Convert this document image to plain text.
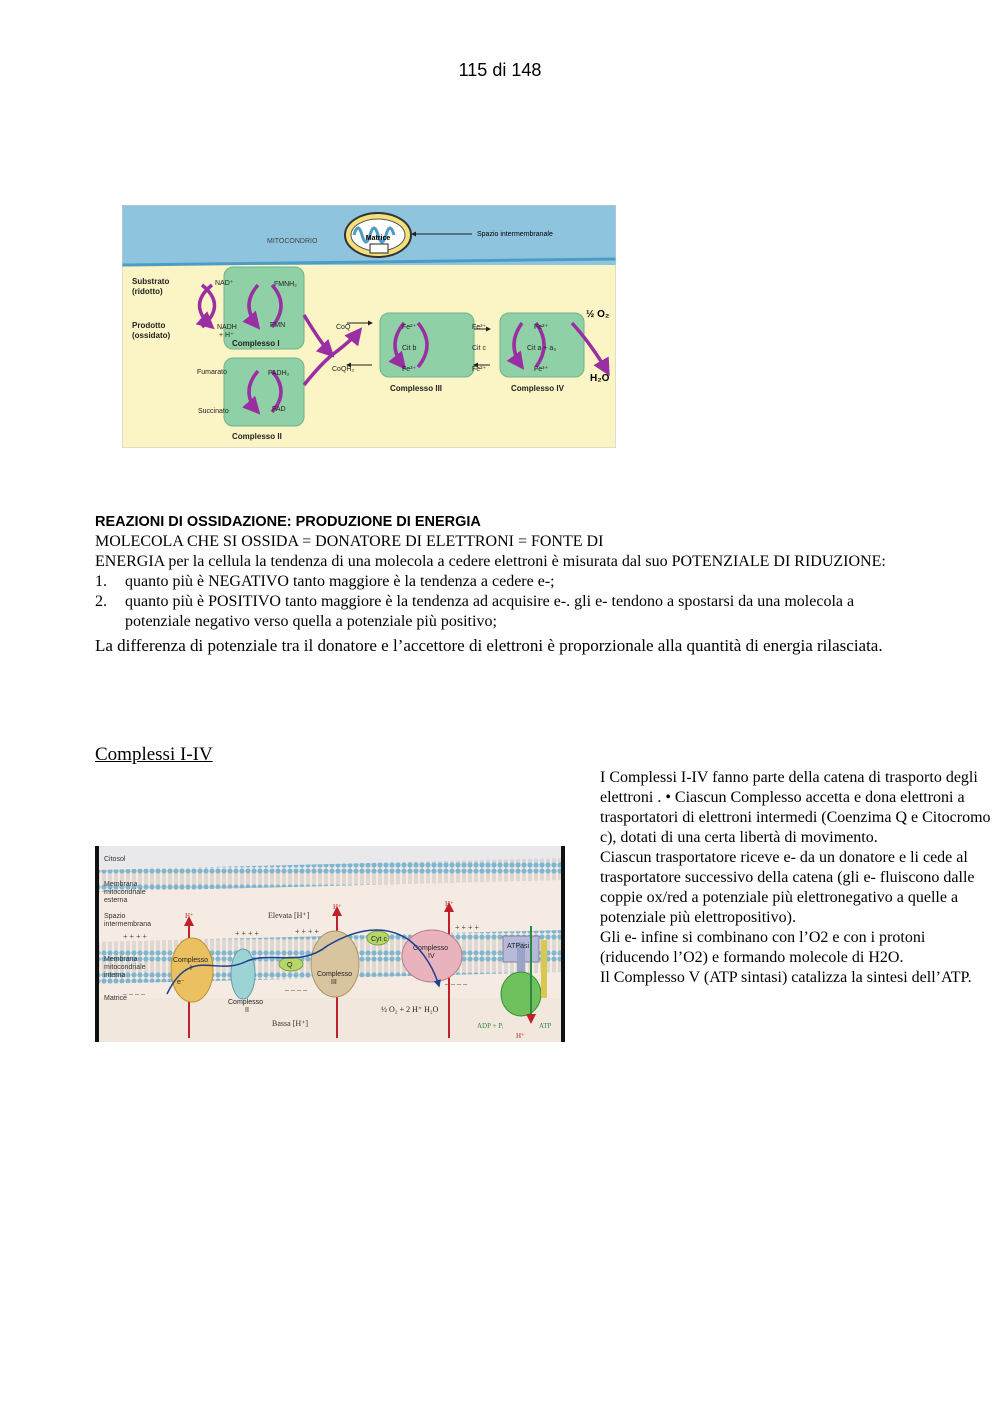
115 di 148
Matrice
Spazio intermembranale
MITOCONDRIO
Substrato (ridotto)
Prodotto (ossidato)
NAD⁺
NADH + H⁺
FMNH₂
FMN
Fumarato
Succinato
FADH₂
FAD
CoQ
CoQH₂
Fe²⁺
Cit b
Fe³⁺
Fe³⁺
Cit c
Fe²⁺
Fe²⁺
Cit a + a₃
Fe³⁺
Complesso I
Complesso II
Complesso III	Complesso IV
½ O₂
H₂O
REAZIONI DI OSSIDAZIONE: PRODUZIONE DI ENERGIA
MOLECOLA CHE SI OSSIDA = DONATORE DI ELETTRONI = FONTE DI
ENERGIA per la cellula la tendenza di una molecola a cedere elettroni è misurata dal suo POTENZIALE DI RIDUZIONE:
1.	quanto più è NEGATIVO tanto maggiore è la tendenza a cedere e-;
2.	quanto più è POSITIVO tanto maggiore è la tendenza ad acquisire e-. gli e- tendono a spostarsi da una molecola a potenziale negativo verso quella a potenziale più positivo;
La differenza di potenziale tra il donatore e l’accettore di elettroni è proporzionale alla quantità di energia rilasciata.
Complessi I-IV

I Complessi I-IV fanno parte della catena di trasporto degli elettroni . • Ciascun Complesso accetta e dona elettroni a trasportatori di elettroni intermedi (Coenzima Q e Citocromo c), dotati di una certa libertà di movimento.

Ciascun trasportatore riceve e- da un donatore e li cede al trasportatore successivo della catena (gli e- fluiscono dalle coppie ox/red a potenziale più elettronegativo a quelle a potenziale più elettropositivo).

Gli e- infine si combinano con l’O2 e con i protoni (riducendo l’O2) e formando molecole di H2O.

Il Complesso V (ATP sintasi) catalizza la sintesi dell’ATP.

Citosol
Membrana mitocondriale esterna
Spazio intermembrana
Membrana mitocondriale interna
Matrice
+ + + +	+ + + +	+ + + +	+ + + +
– – – –	– – – –
– – – –
Elevata [H⁺]
Bassa [H⁺]
H⁺
H⁺	H⁺
Complesso I
Complesso II
Q
Complesso III
Cyt c
Complesso IV
ATPasi
e⁻
½ O₂ + 2 H⁺ H₂O
ADP + Pᵢ	ATP
H⁺
